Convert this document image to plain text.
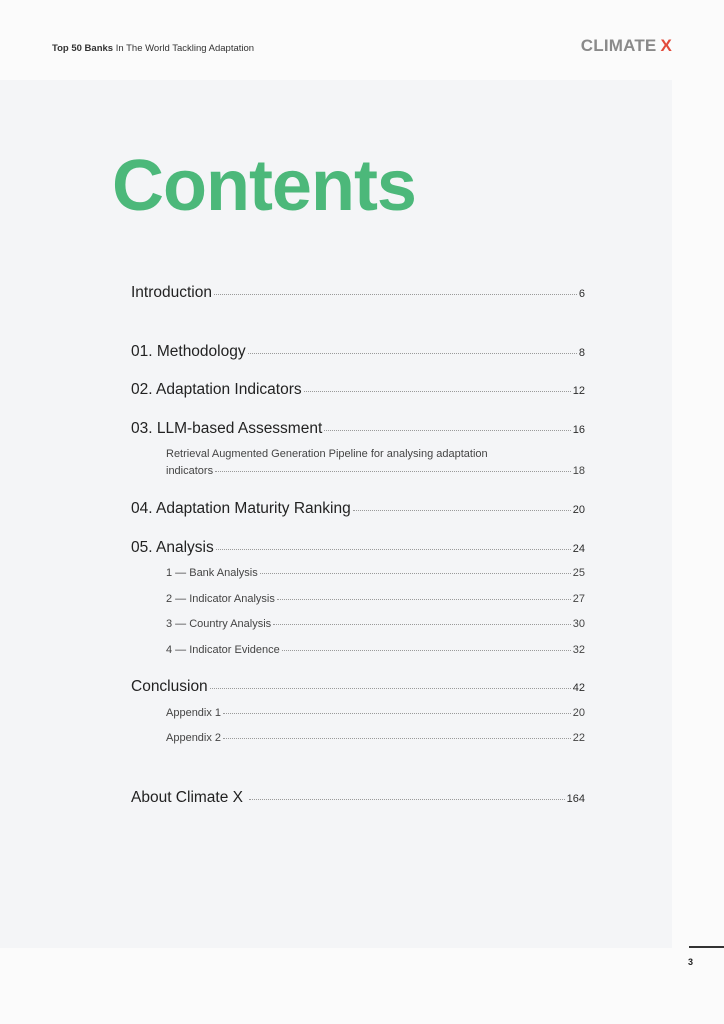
Top 50 Banks In The World Tackling Adaptation	CLIMATE X
Contents
Introduction	6
01. Methodology	8
02. Adaptation Indicators	12
03. LLM-based Assessment	16
Retrieval Augmented Generation Pipeline for analysing adaptation
indicators	18
04. Adaptation Maturity Ranking	20
05. Analysis	24
1 — Bank Analysis	25
2 — Indicator Analysis	27
3 — Country Analysis	30
4 — Indicator Evidence	32
Conclusion	42
Appendix 1	20
Appendix 2	22
About Climate X	164
3
